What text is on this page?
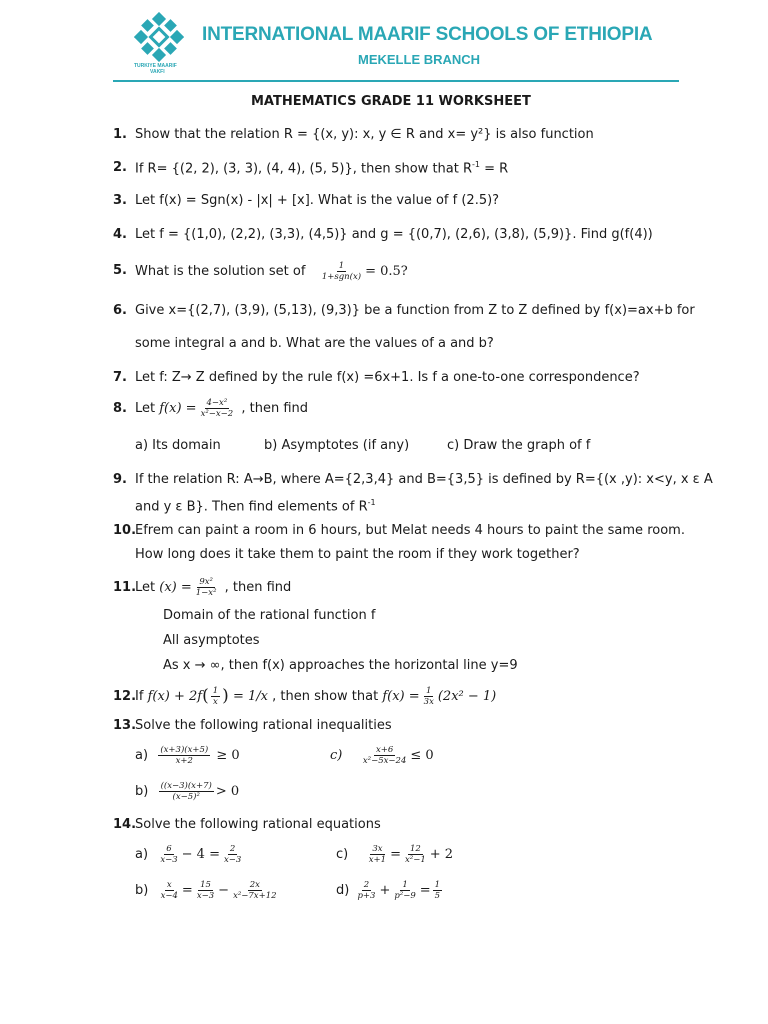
TURKIYE MAARIF
VAKFI
INTERNATIONAL MAARIF SCHOOLS OF ETHIOPIA
MEKELLE BRANCH
MATHEMATICS GRADE 11 WORKSHEET
1. Show that the relation R = {(x, y): x, y ∈ R and x= y²} is also function
2. If R= {(2, 2), (3, 3), (4, 4), (5, 5)}, then show that $R^{-1} = R$
3. Let f(x) = Sgn(x) - |x| + [x]. What is the value of f (2.5)?
4. Let f = {(1,0), (2,2), (3,3), (4,5)} and g = {(0,7), (2,6), (3,8), (5,9)}. Find g(f(4))
5. What is the solution set of
$\frac{1}{\text{1+sgn(x)}} = 0.5$?
6. Give x={(2,7), (3,9), (5,13), (9,3)} be a function from Z to Z defined by f(x)=ax+b for
some integral a and b. What are the values of a and b?
7. Let f: Z→ Z defined by the rule f(x) =6x+1. Is f a one-to-one correspondence?
8. Let
$f(x) = \frac{\text{4−x²}}{\text{x²−x−2}}$
, then find
a) Its domain	b) Asymptotes (if any)	c) Draw the graph of f
9. If the relation R: A→B, where A={2,3,4} and B={3,5} is defined by R={(x ,y): x<y, x ε A
and y ε B}. Then find elements of $R^{-1}$
10.
Efrem can paint a room in 6 hours, but Melat needs 4 hours to paint the same room.
How long does it take them to paint the room if they work together?
11.
Let
$(x) = \frac{\text{9x²}}{\text{1−x²}}$
, then find
Domain of the rational function f
All asymptotes
As x → ∞, then f(x) approaches the horizontal line y=9
12.
If
f(x) + 2f ( $\frac{1}{x}$ )
= 1/x
, then show that
$f(x) = \frac{1}{3x} (2x^2 - 1)$
13.
Solve the following rational inequalities
a)
$\frac{(x+3)(x+5)}{x+2}$
≥ 0	c)
$\frac{x+6}{\text{x²−5x−24}} \le 0$
b)
$\frac{((x-3)(x+7)}{\text{(x−5)²}} > 0$
14.
Solve the following rational equations
a)
$\frac{6}{x-3} - 4 = \frac{2}{x-3}$	c)
$\frac{3x}{x+1} = \frac{12}{\text{x²−1}} + 2$
b)
$\frac{x}{x-4} = \frac{15}{x-3} - \frac{2x}{\text{x²−7x+12}}$	d)
$\frac{2}{p+3} + \frac{1}{\text{p²−9}} = \frac{1}{5}$
